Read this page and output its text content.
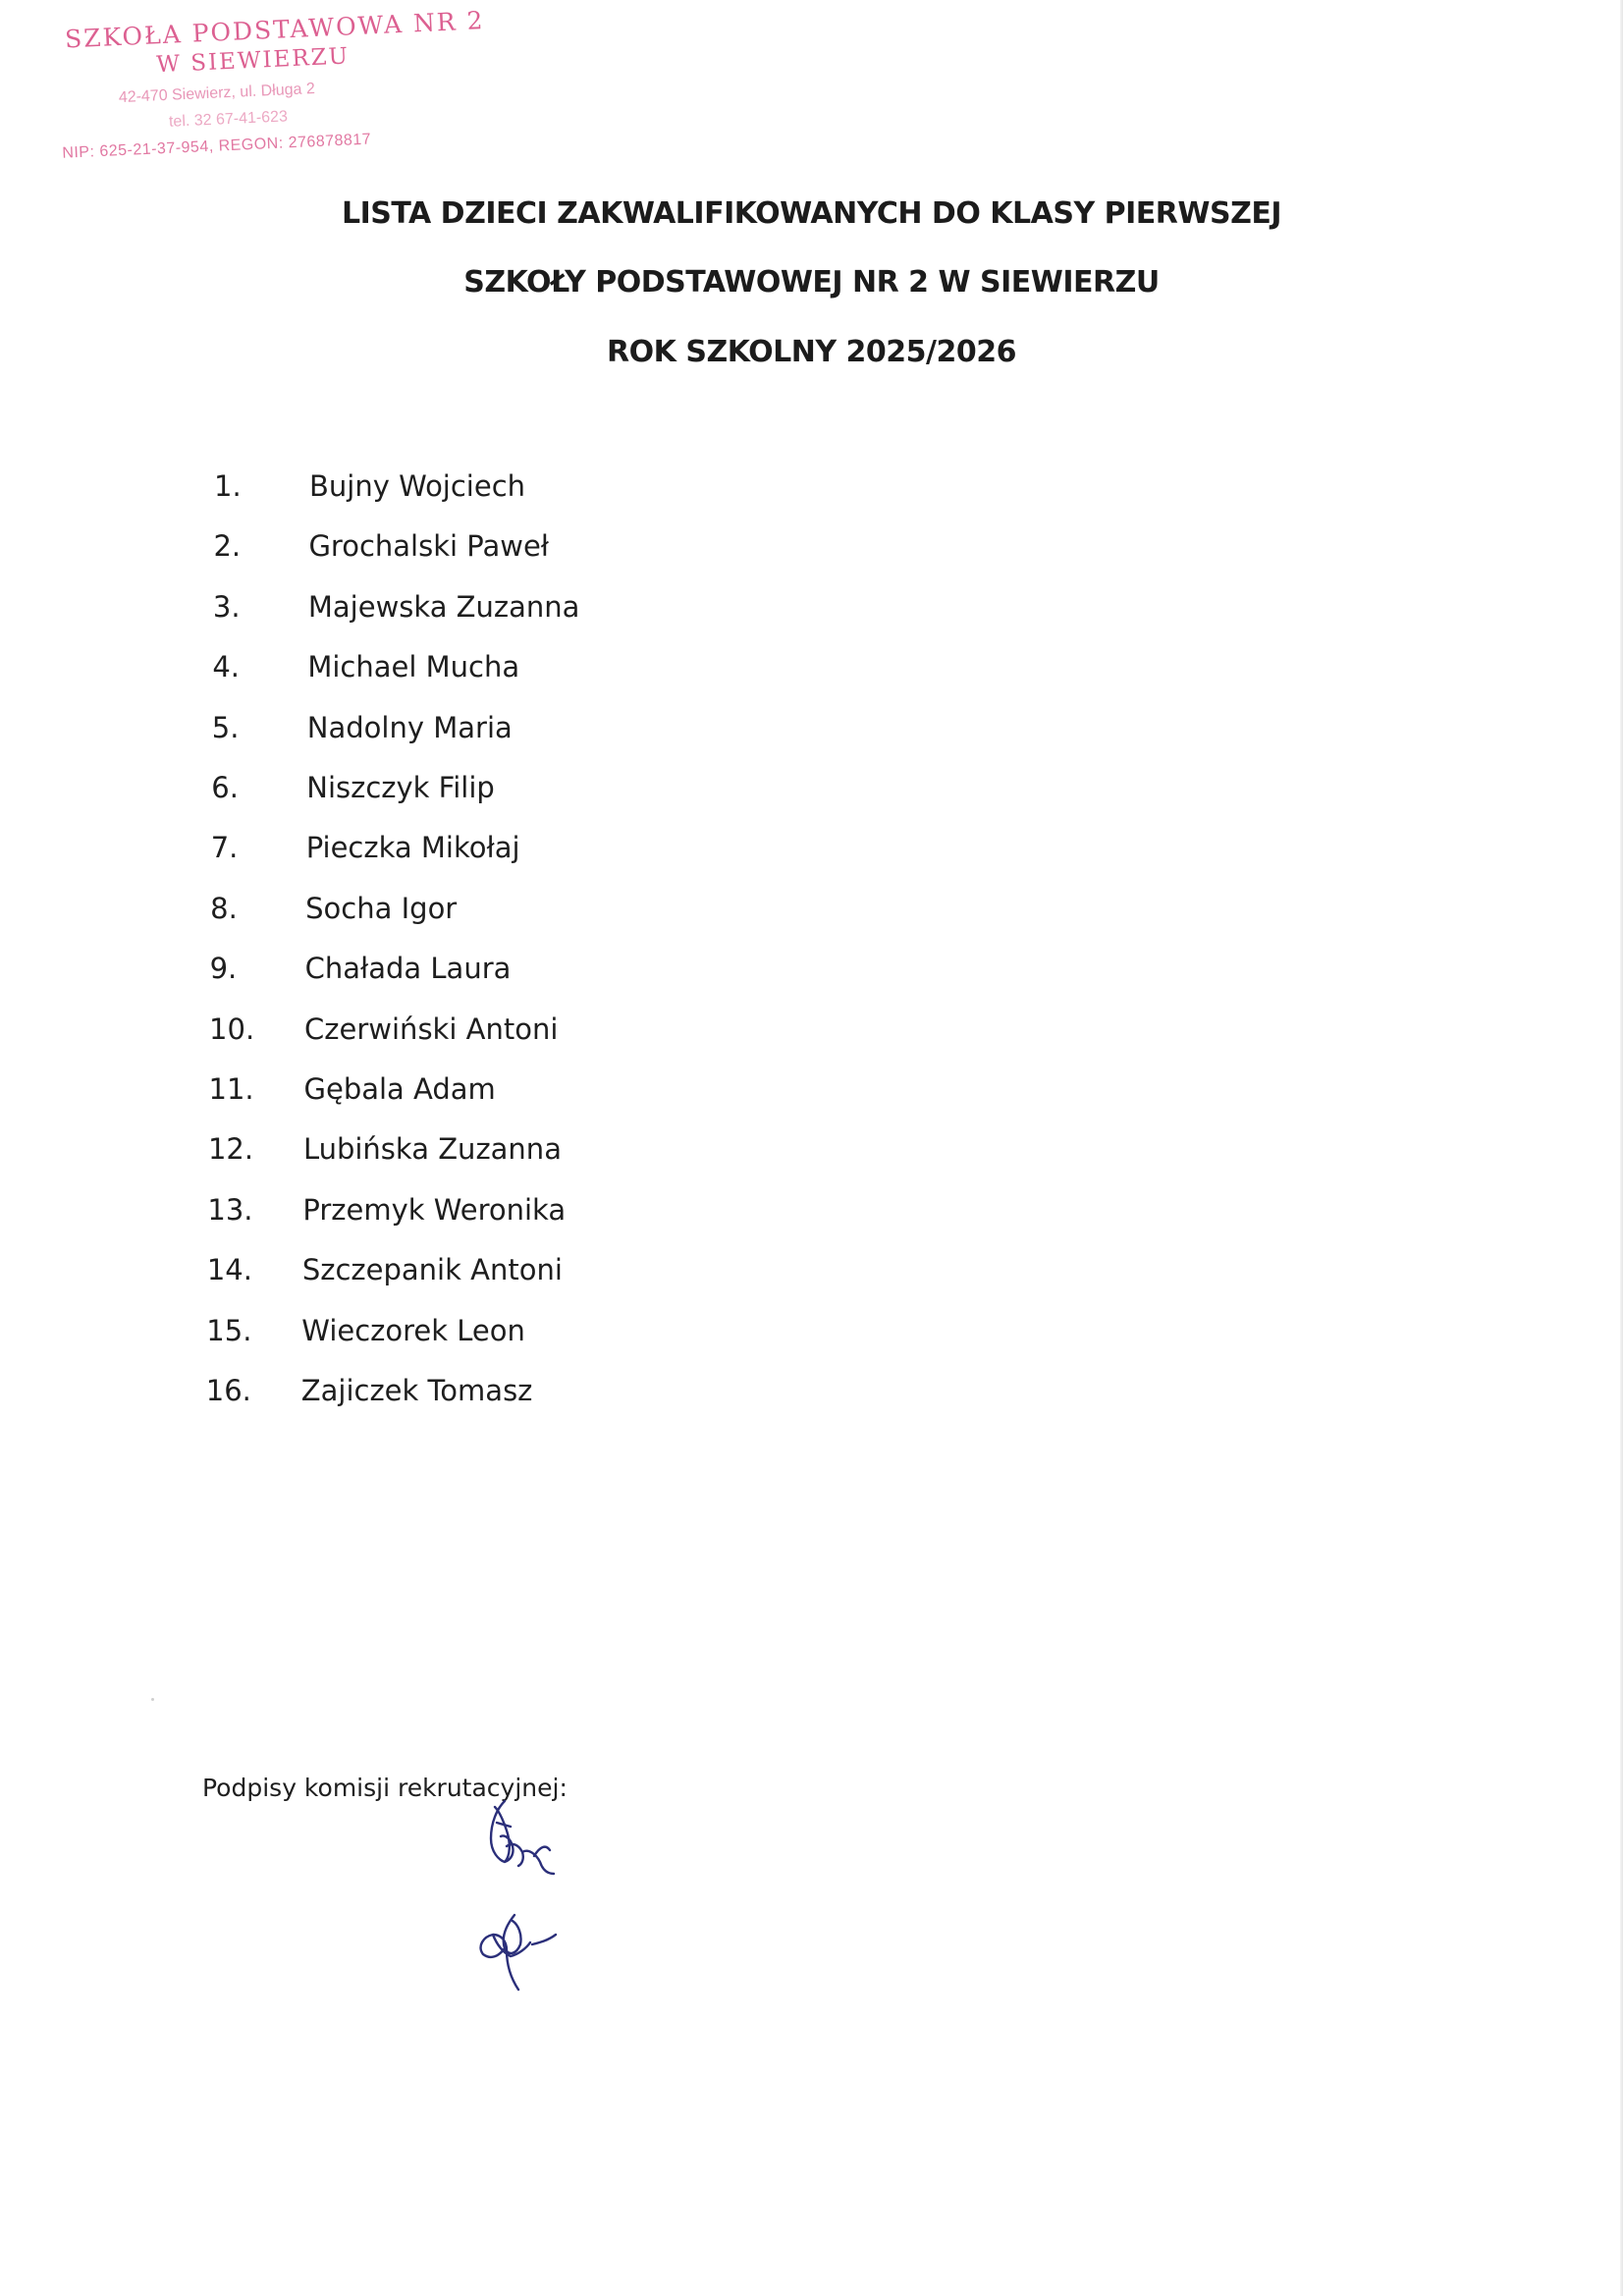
SZKOŁA PODSTAWOWA NR 2
W SIEWIERZU
42-470 Siewierz, ul. Długa 2
tel. 32 67-41-623
NIP: 625-21-37-954, REGON: 276878817
LISTA DZIECI ZAKWALIFIKOWANYCH DO KLASY PIERWSZEJ
SZKOŁY PODSTAWOWEJ NR 2 W SIEWIERZU
ROK SZKOLNY 2025/2026
1. Bujny Wojciech
2. Grochalski Paweł
3. Majewska Zuzanna
4. Michael Mucha
5. Nadolny Maria
6. Niszczyk Filip
7. Pieczka Mikołaj
8. Socha Igor
9. Chałada Laura
10. Czerwiński Antoni
11. Gębala Adam
12. Lubińska Zuzanna
13. Przemyk Weronika
14. Szczepanik Antoni
15. Wieczorek Leon
16. Zajiczek Tomasz
Podpisy komisji rekrutacyjnej:
